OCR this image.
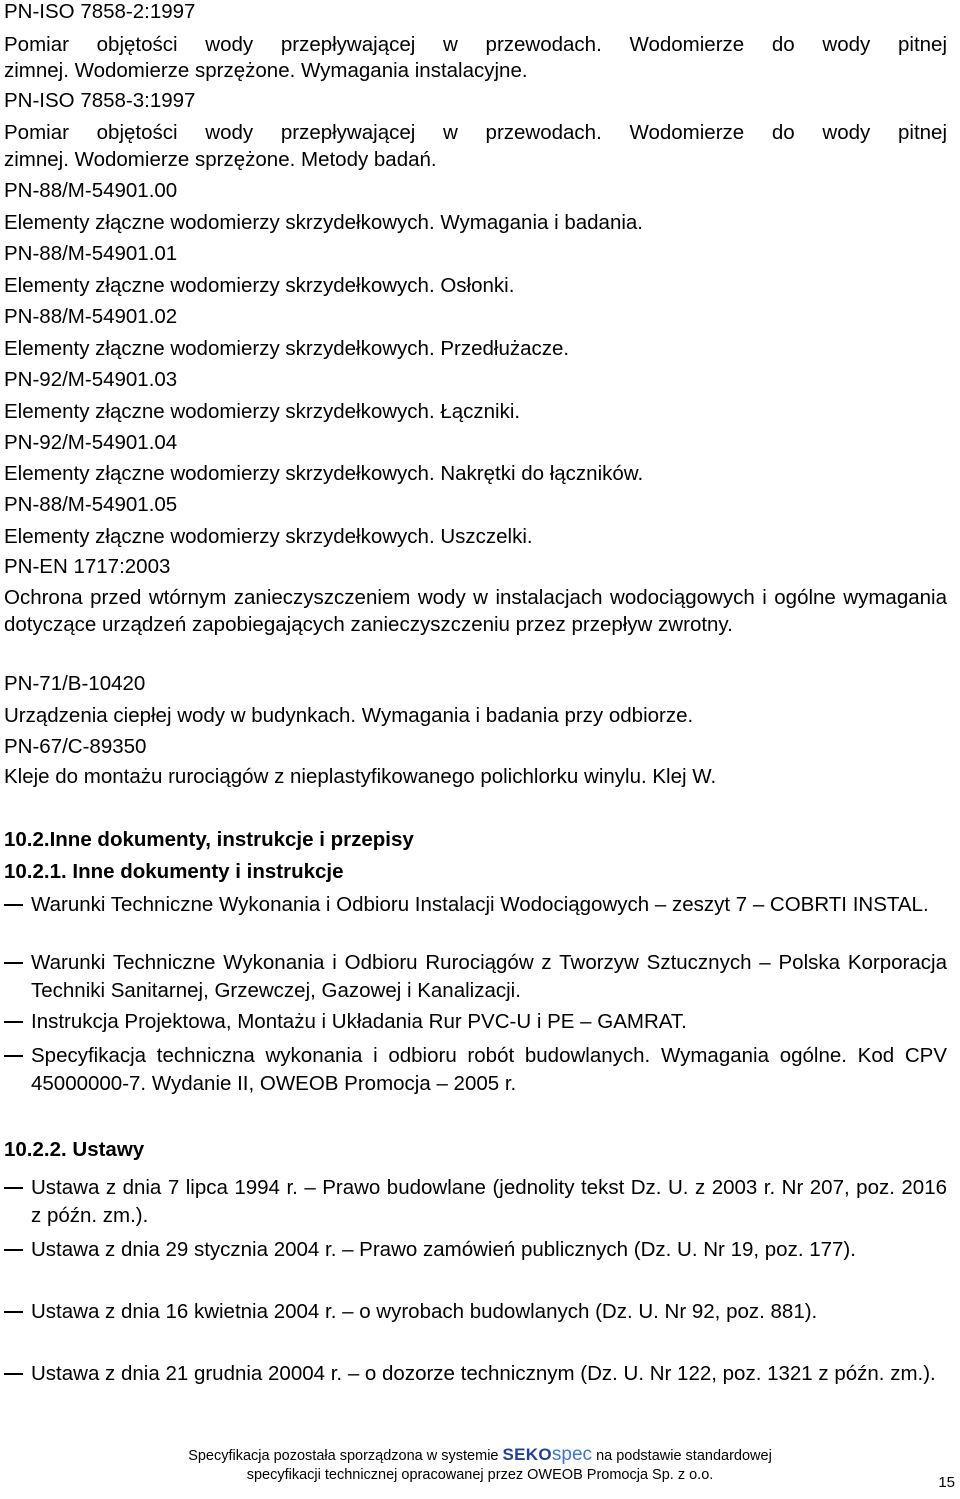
PN-ISO 7858-2:1997
Pomiar objętości wody przepływającej w przewodach. Wodomierze do wody pitnej
zimnej. Wodomierze sprzężone. Wymagania instalacyjne.
PN-ISO 7858-3:1997
Pomiar objętości wody przepływającej w przewodach. Wodomierze do wody pitnej
zimnej. Wodomierze sprzężone. Metody badań.
PN-88/M-54901.00
Elementy złączne wodomierzy skrzydełkowych. Wymagania i badania.
PN-88/M-54901.01
Elementy złączne wodomierzy skrzydełkowych. Osłonki.
PN-88/M-54901.02
Elementy złączne wodomierzy skrzydełkowych. Przedłużacze.
PN-92/M-54901.03
Elementy złączne wodomierzy skrzydełkowych. Łączniki.
PN-92/M-54901.04
Elementy złączne wodomierzy skrzydełkowych. Nakrętki do łączników.
PN-88/M-54901.05
Elementy złączne wodomierzy skrzydełkowych. Uszczelki.
PN-EN 1717:2003
Ochrona przed wtórnym zanieczyszczeniem wody w instalacjach wodociągowych i ogólne wymagania dotyczące urządzeń zapobiegających zanieczyszczeniu przez przepływ zwrotny.
PN-71/B-10420
Urządzenia ciepłej wody w budynkach. Wymagania i badania przy odbiorze.
PN-67/C-89350
Kleje do montażu rurociągów z nieplastyfikowanego polichlorku winylu. Klej W.
10.2.Inne dokumenty, instrukcje i przepisy
10.2.1. Inne dokumenty i instrukcje
Warunki Techniczne Wykonania i Odbioru Instalacji Wodociągowych – zeszyt 7 – COBRTI INSTAL.
Warunki Techniczne Wykonania i Odbioru Rurociągów z Tworzyw Sztucznych – Polska Korporacja Techniki Sanitarnej, Grzewczej, Gazowej i Kanalizacji.
Instrukcja Projektowa, Montażu i Układania Rur PVC-U i PE – GAMRAT.
Specyfikacja techniczna wykonania i odbioru robót budowlanych. Wymagania ogólne. Kod CPV 45000000-7. Wydanie II, OWEOB Promocja – 2005 r.
10.2.2. Ustawy
Ustawa z dnia 7 lipca 1994 r. – Prawo budowlane (jednolity tekst Dz. U. z 2003 r. Nr 207, poz. 2016 z późn. zm.).
Ustawa z dnia 29 stycznia 2004 r. – Prawo zamówień publicznych (Dz. U. Nr 19, poz. 177).
Ustawa z dnia 16 kwietnia 2004 r. – o wyrobach budowlanych (Dz. U. Nr 92, poz. 881).
Ustawa z dnia 21 grudnia 20004 r. – o dozorze technicznym (Dz. U. Nr 122, poz. 1321 z późn. zm.).
Specyfikacja pozostała sporządzona w systemie SEKOspec na podstawie standardowej
specyfikacji technicznej opracowanej przez OWEOB Promocja Sp. z o.o.	15
